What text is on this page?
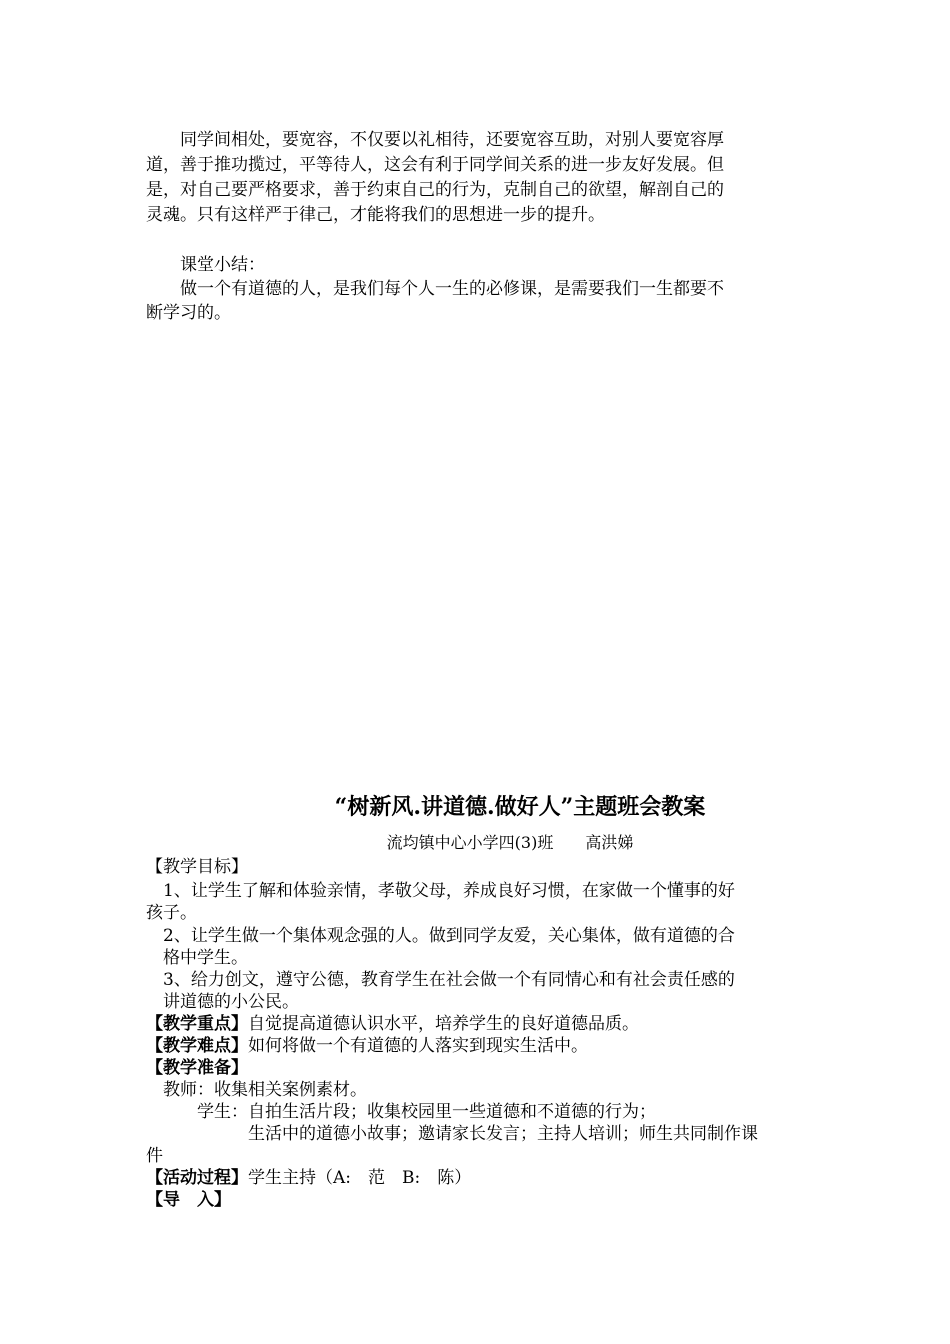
　　同学间相处，要宽容，不仅要以礼相待，还要宽容互助，对别人要宽容厚

道，善于推功揽过，平等待人，这会有利于同学间关系的进一步友好发展。但

是，对自己要严格要求，善于约束自己的行为，克制自己的欲望，解剖自己的

灵魂。只有这样严于律己，才能将我们的思想进一步的提升。

　　课堂小结：

　　做一个有道德的人，是我们每个人一生的必修课，是需要我们一生都要不

断学习的。

“树新风.讲道德.做好人”主题班会教案

流均镇中心小学四(3)班　　高洪娣

【教学目标】

　1、让学生了解和体验亲情，孝敬父母，养成良好习惯，在家做一个懂事的好

孩子。

　2、让学生做一个集体观念强的人。做到同学友爱，关心集体，做有道德的合

　格中学生。

　3、给力创文，遵守公德，教育学生在社会做一个有同情心和有社会责任感的

　讲道德的小公民。

【教学重点】自觉提高道德认识水平，培养学生的良好道德品质。

【教学难点】如何将做一个有道德的人落实到现实生活中。

【教学准备】

　教师：收集相关案例素材。

　　　学生：自拍生活片段；收集校园里一些道德和不道德的行为；

　　　　　　生活中的道德小故事；邀请家长发言；主持人培训；师生共同制作课

件

【活动过程】学生主持（A:　范　B:　陈）

【导　入】
